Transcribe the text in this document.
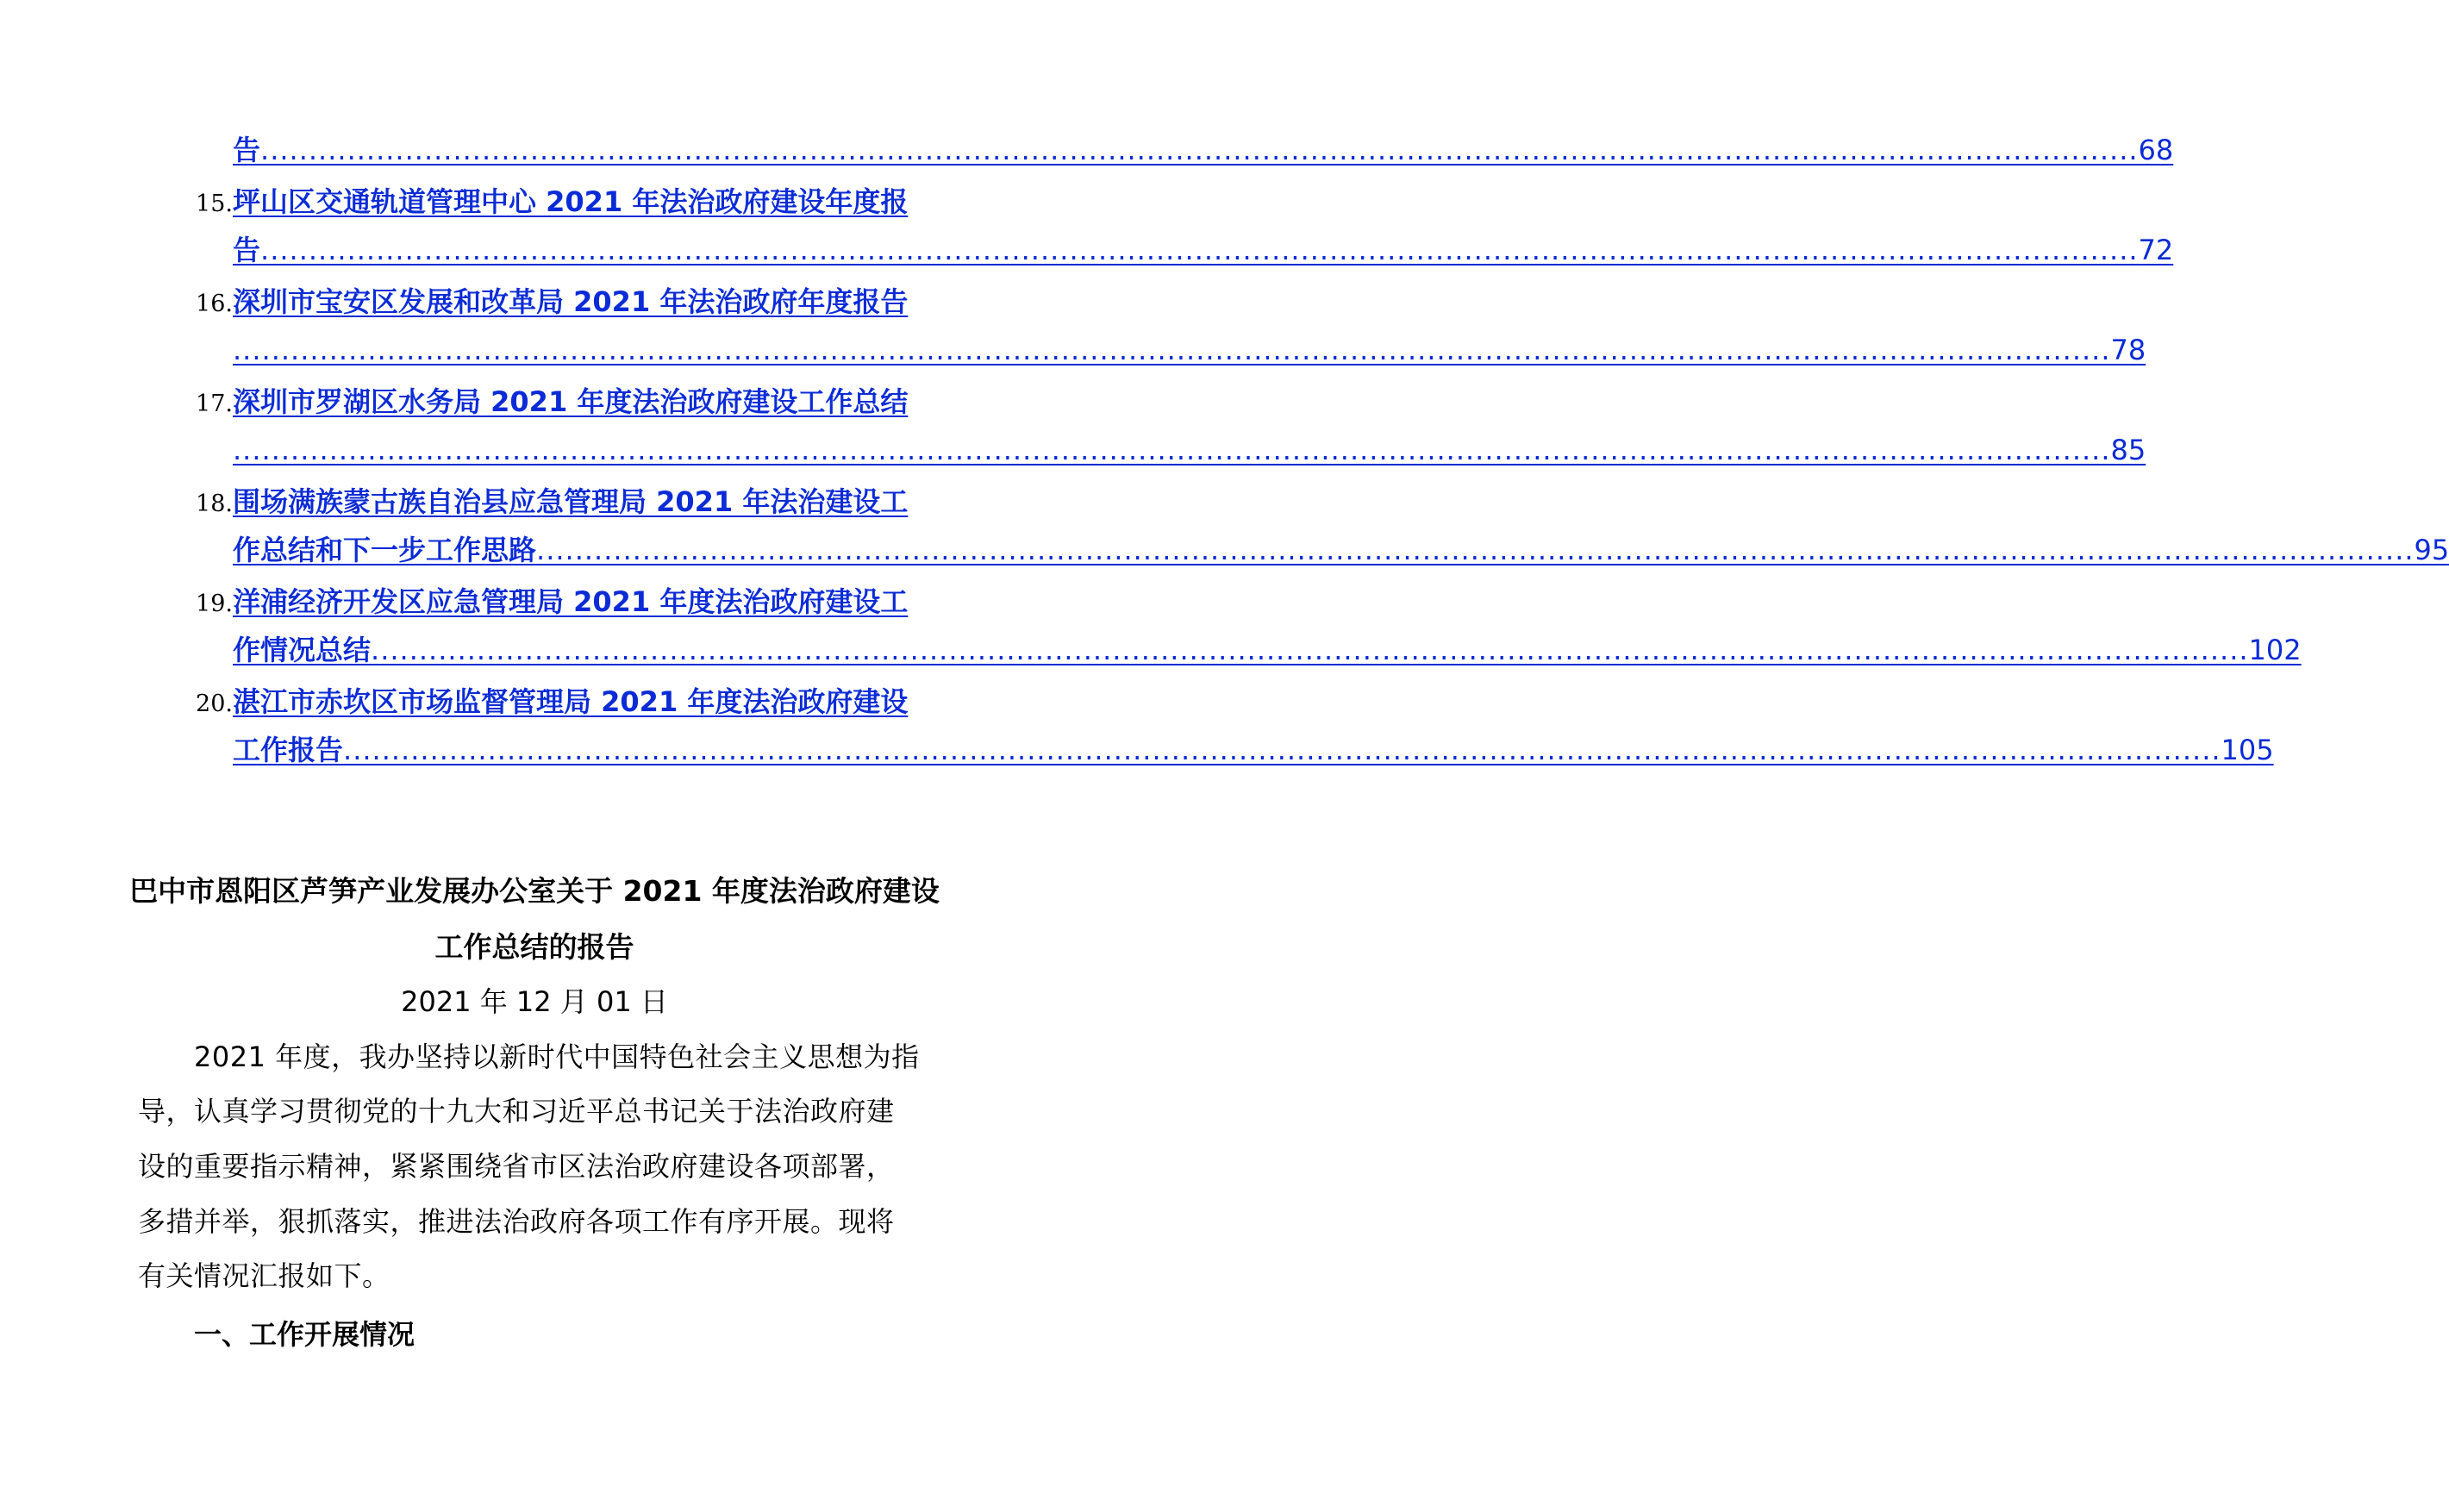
告 ................................................................................................................................................................................................... 68
15. 坪山区交通轨道管理中心 2021 年法治政府建设年度报
告 ................................................................................................................................................................................................... 72
16. 深圳市宝安区发展和改革局 2021 年法治政府年度报告
................................................................................................................................................................................................... 78
17. 深圳市罗湖区水务局 2021 年度法治政府建设工作总结
................................................................................................................................................................................................... 85
18. 围场满族蒙古族自治县应急管理局 2021 年法治建设工
作总结和下一步工作思路 ................................................................................................................................................................................................... 95
19. 洋浦经济开发区应急管理局 2021 年度法治政府建设工
作情况总结 ................................................................................................................................................................................................... 102
20. 湛江市赤坎区市场监督管理局 2021 年度法治政府建设
工作报告 ................................................................................................................................................................................................... 105
巴中市恩阳区芦笋产业发展办公室关于 2021 年度法治政府建设
工作总结的报告
2021 年 12 月 01 日
2021 年度，我办坚持以新时代中国特色社会主义思想为指
导，认真学习贯彻党的十九大和习近平总书记关于法治政府建
设的重要指示精神，紧紧围绕省市区法治政府建设各项部署，
多措并举，狠抓落实，推进法治政府各项工作有序开展。现将
有关情况汇报如下。
一、工作开展情况
